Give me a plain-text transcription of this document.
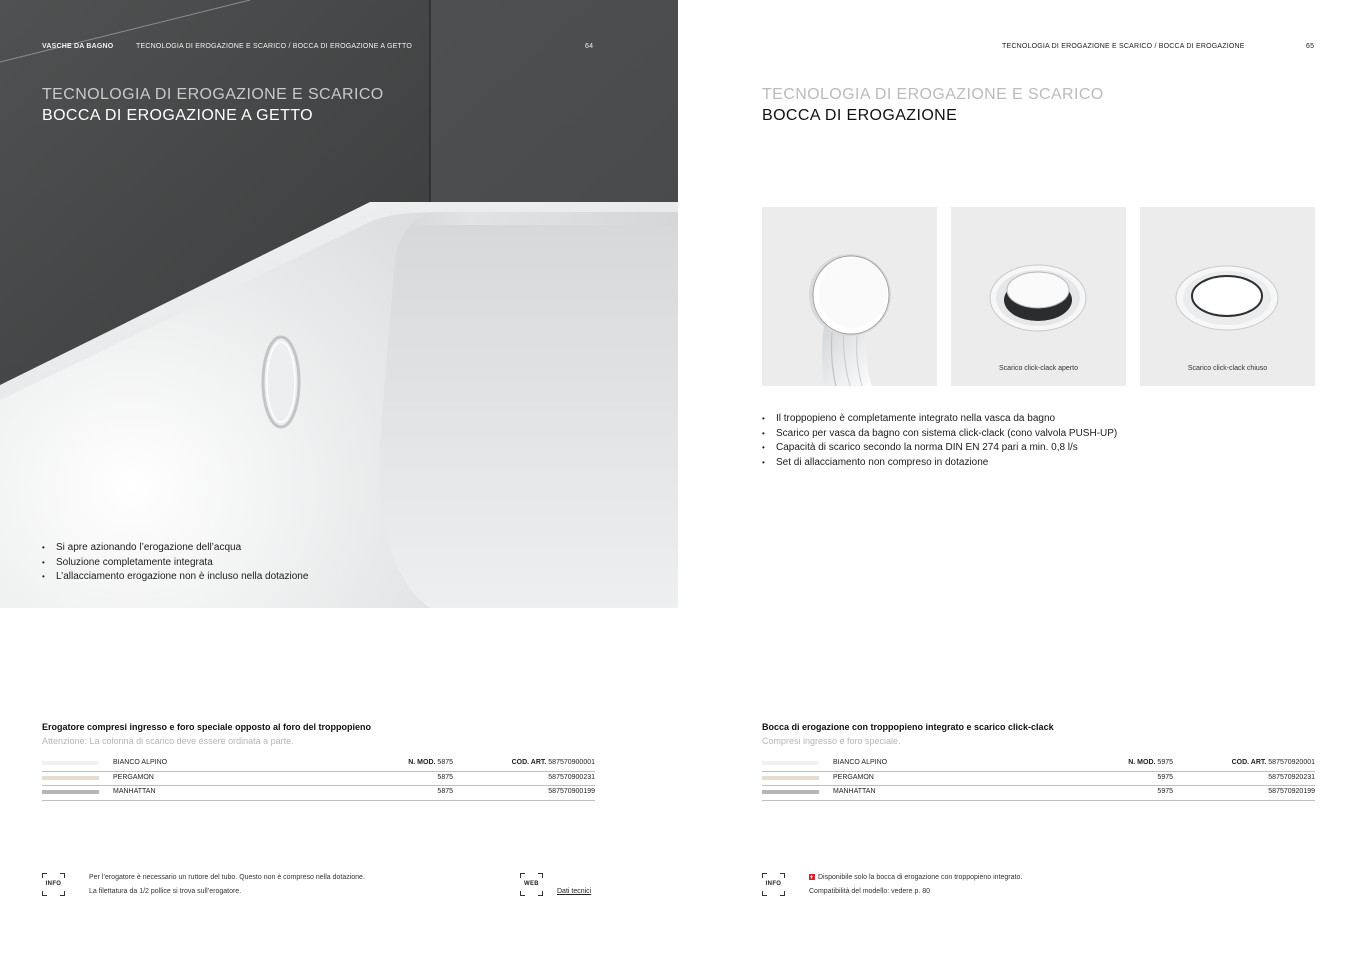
VASCHE DA BAGNO	TECNOLOGIA DI EROGAZIONE E SCARICO / BOCCA DI EROGAZIONE A GETTO	64
TECNOLOGIA DI EROGAZIONE E SCARICO
BOCCA DI EROGAZIONE A GETTO
• Si apre azionando l’erogazione dell’acqua
• Soluzione completamente integrata
• L’allacciamento erogazione non è incluso nella dotazione
Erogatore compresi ingresso e foro speciale opposto al foro del troppopieno
Attenzione: La colonna di scarico deve essere ordinata a parte.
BIANCO ALPINO	N. MOD. 5875	COD. ART. 587570900001
PERGAMON	5875	587570900231
MANHATTAN	5875	587570900199
INFO
Per l’erogatore è necessario un ruttore del tubo. Questo non è compreso nella dotazione.
La filettatura da 1/2 pollice si trova sull’erogatore.
WEB
Dati tecnici
TECNOLOGIA DI EROGAZIONE E SCARICO / BOCCA DI EROGAZIONE	65
TECNOLOGIA DI EROGAZIONE E SCARICO
BOCCA DI EROGAZIONE
Scarico click-clack aperto	Scarico click-clack chiuso
• Il troppopieno è completamente integrato nella vasca da bagno
• Scarico per vasca da bagno con sistema click-clack (cono valvola PUSH-UP)
• Capacità di scarico secondo la norma DIN EN 274 pari a min. 0,8 l/s
• Set di allacciamento non compreso in dotazione
Bocca di erogazione con troppopieno integrato e scarico click-clack
Compresi ingresso e foro speciale.
BIANCO ALPINO	N. MOD. 5975	COD. ART. 587570920001
PERGAMON	5975	587570920231
MANHATTAN	5975	587570920199
INFO
+Disponibile solo la bocca di erogazione con troppopieno integrato.
Compatibilità del modello: vedere p. 80
